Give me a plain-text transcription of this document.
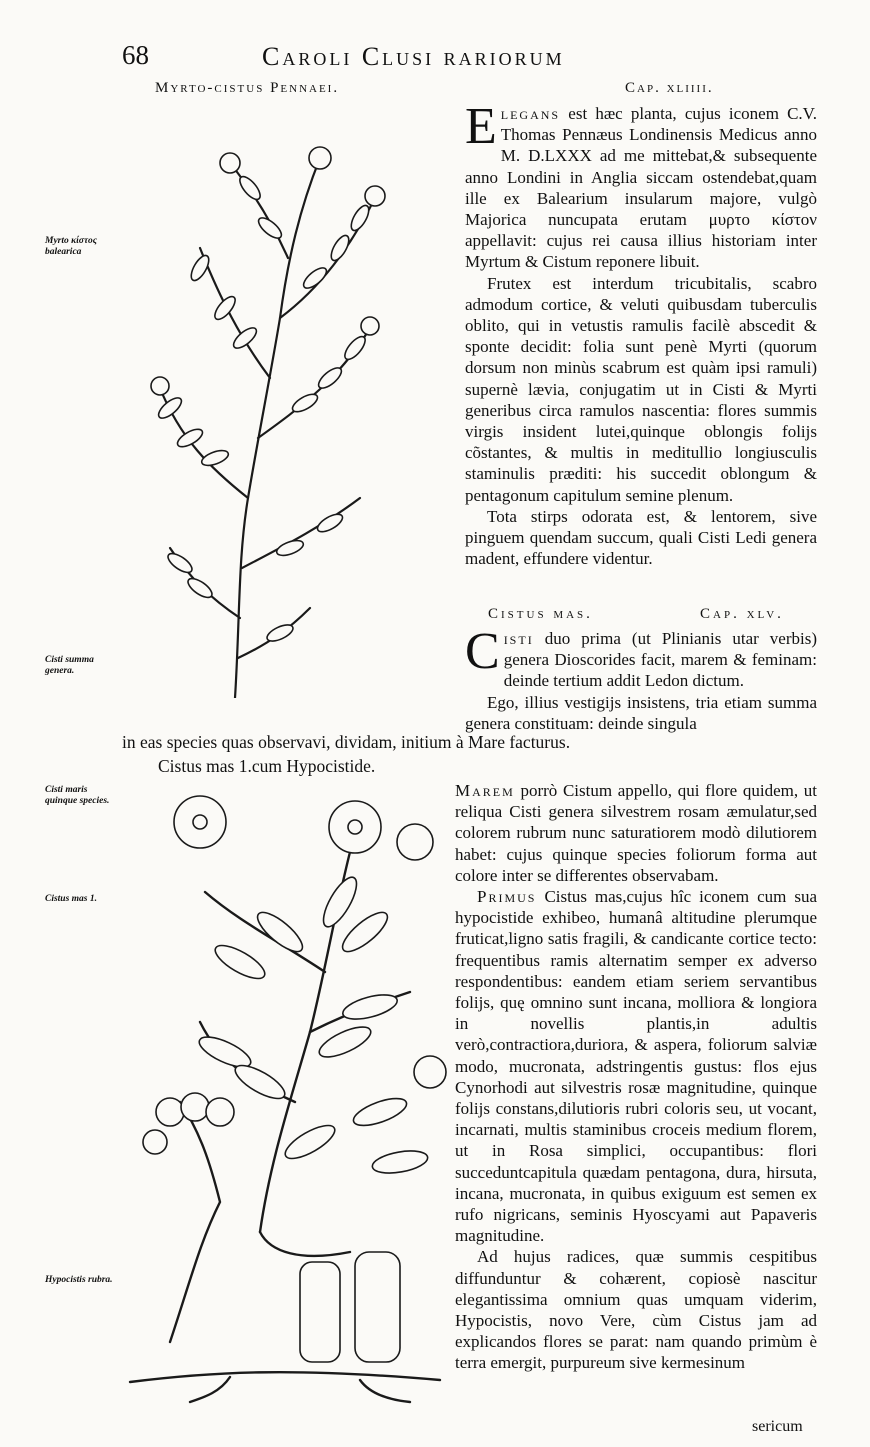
68	Caroli Clusi rariorum
Myrto-cistus Pennaei.	Cap. xliiii.
Myrto κίστος balearica
Cisti summa genera.
Cisti maris quinque species.
Cistus mas 1.
Hypocistis rubra.

E legans est hæc planta, cujus iconem C.V. Thomas Pennæus Londinensis Medicus anno M. D.LXXX ad me mittebat,& subsequente anno Londini in Anglia siccam ostendebat,quam ille ex Balearium insularum majore, vulgò Majorica nuncupata erutam μυρτο κίστον appellavit: cujus rei causa illius historiam inter Myrtum & Cistum reponere libuit.

Frutex est interdum tricubitalis, scabro admodum cortice, & veluti quibusdam tuberculis oblito, qui in vetustis ramulis facilè abscedit & sponte decidit: folia sunt penè Myrti (quorum dorsum non minùs scabrum est quàm ipsi ramuli) supernè lævia, conjugatim ut in Cisti & Myrti generibus circa ramulos nascentia: flores summis virgis insident lutei,quinque oblongis folijs cõstantes, & multis in meditullio longiusculis staminulis præditi: his succedit oblongum & pentagonum capitulum semine plenum.

Tota stirps odorata est, & lentorem, sive pinguem quendam succum, quali Cisti Ledi genera madent, effundere videntur.

Cistus mas.	Cap. xlv.

C isti duo prima (ut Plinianis utar verbis) genera Dioscorides facit, marem & feminam: deinde tertium addit Ledon dictum.

Ego, illius vestigijs insistens, tria etiam summa genera constituam: deinde singula

in eas species quas observavi, dividam, initium à Mare facturus.
Cistus mas 1.cum Hypocistide.

Marem porrò Cistum appello, qui flore quidem, ut reliqua Cisti genera silvestrem rosam æmulatur,sed colorem rubrum nunc saturatiorem modò dilutiorem habet: cujus quinque species foliorum forma aut colore inter se differentes observabam.

Primus Cistus mas,cujus hîc iconem cum sua hypocistide exhibeo, humanâ altitudine plerumque fruticat,ligno satis fragili, & candicante cortice tecto: frequentibus ramis alternatim semper ex adverso respondentibus: eandem etiam seriem servantibus folijs, quę omnino sunt incana, molliora & longiora in novellis plantis,in adultis verò,contractiora,duriora, & aspera, foliorum salviæ modo, mucronata, adstringentis gustus: flos ejus Cynorhodi aut silvestris rosæ magnitudine, quinque folijs constans,dilutioris rubri coloris seu, ut vocant, incarnati, multis staminibus croceis medium florem, ut in Rosa simplici, occupantibus: flori succeduntcapitula quædam pentagona, dura, hirsuta, incana, mucronata, in quibus exiguum est semen ex rufo nigricans, seminis Hyoscyami aut Papaveris magnitudine.

Ad hujus radices, quæ summis cespitibus diffunduntur & cohærent, copiosè nascitur elegantissima omnium quas umquam viderim, Hypocistis, novo Vere, cùm Cistus jam ad explicandos flores se parat: nam quando primùm è terra emergit, purpureum sive kermesinum

sericum
